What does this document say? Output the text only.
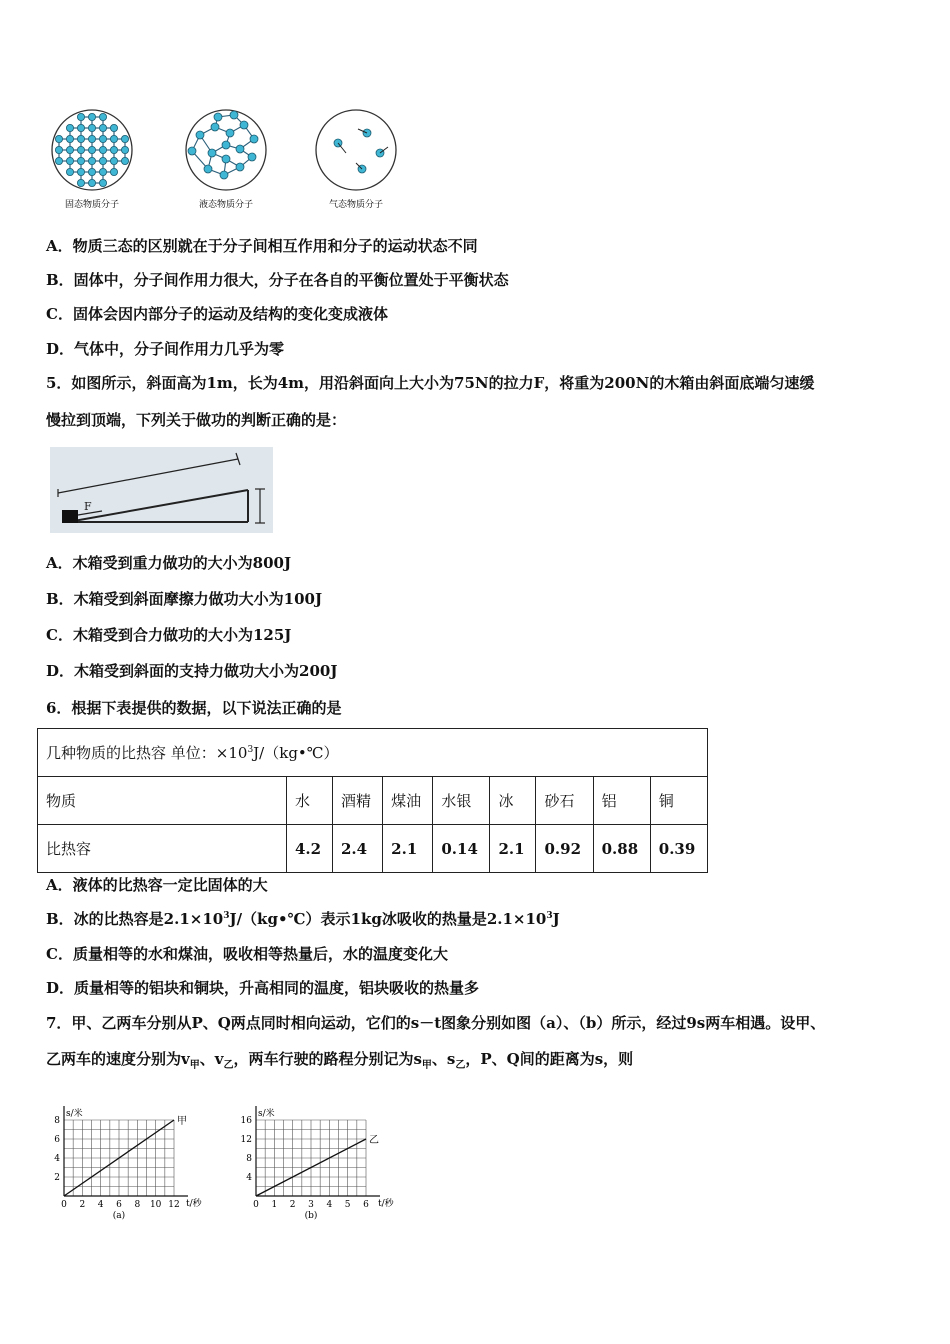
固态物质分子	液态物质分子	气态物质分子
A．物质三态的区别就在于分子间相互作用和分子的运动状态不同
B．固体中，分子间作用力很大，分子在各自的平衡位置处于平衡状态
C．固体会因内部分子的运动及结构的变化变成液体
D．气体中，分子间作用力几乎为零
5．如图所示，斜面高为1m，长为4m，用沿斜面向上大小为75N的拉力F，将重为200N的木箱由斜面底端匀速缓
慢拉到顶端，下列关于做功的判断正确的是：
F
A．木箱受到重力做功的大小为800J
B．木箱受到斜面摩擦力做功大小为100J
C．木箱受到合力做功的大小为125J
D．木箱受到斜面的支持力做功大小为200J
6．根据下表提供的数据，以下说法正确的是
几种物质的比热容 单位：$\times 10^3J/(kg•℃)$								
物质	水	酒精	煤油	水银	冰	砂石	铝	铜
比热容	4.2	2.4	2.1	0.14	2.1	0.92	0.88	0.39
A．液体的比热容一定比固体的大
B．冰的比热容是$2.1\times 10^3J/(kg•℃)$表示1kg冰吸收的热量是$2.1\times 10^3J$
C．质量相等的水和煤油，吸收相等热量后，水的温度变化大
D．质量相等的铝块和铜块，升高相同的温度，铝块吸收的热量多
7．甲、乙两车分别从P、Q两点同时相向运动，它们的s－t图象分别如图（a）、（b）所示，经过9s两车相遇。设甲、
乙两车的速度分别为$v_甲$、$v_乙$，两车行驶的路程分别记为$s_甲$、$s_乙$，P、Q间的距离为s，则
s/米
t/秒
0 2 4 6 8 10 12
2
4
6
8	甲
(a)
s/米
t/秒
0 1 2 3 4 5 6
4
8
12
16
乙
(b)
